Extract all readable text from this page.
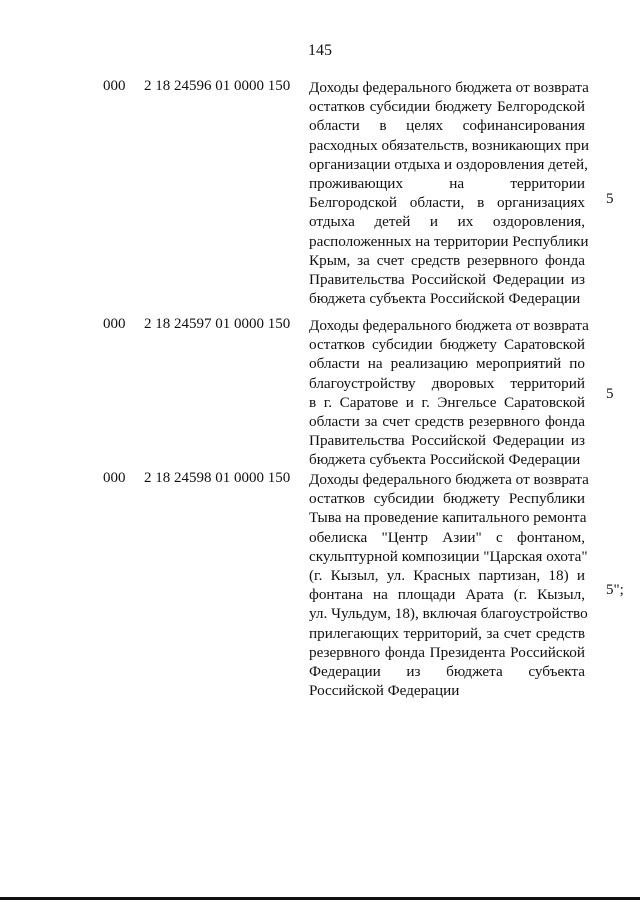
145
000 2 18 24596 01 0000 150 Доходы федерального бюджета от возврата
остатков субсидии бюджету Белгородской
области в целях софинансирования
расходных обязательств, возникающих при
организации отдыха и оздоровления детей,
проживающих на территории
Белгородской области, в организациях
отдыха детей и их оздоровления,
расположенных на территории Республики
Крым, за счет средств резервного фонда
Правительства Российской Федерации из
бюджета субъекта Российской Федерации
5
000 2 18 24597 01 0000 150 Доходы федерального бюджета от возврата
остатков субсидии бюджету Саратовской
области на реализацию мероприятий по
благоустройству дворовых территорий
в г. Саратове и г. Энгельсе Саратовской
области за счет средств резервного фонда
Правительства Российской Федерации из
бюджета субъекта Российской Федерации
5
000 2 18 24598 01 0000 150 Доходы федерального бюджета от возврата
остатков субсидии бюджету Республики
Тыва на проведение капитального ремонта
обелиска "Центр Азии" с фонтаном,
скульптурной композиции "Царская охота"
(г. Кызыл, ул. Красных партизан, 18) и
фонтана на площади Арата (г. Кызыл,
ул. Чульдум, 18), включая благоустройство
прилегающих территорий, за счет средств
резервного фонда Президента Российской
Федерации из бюджета субъекта
Российской Федерации
5";
